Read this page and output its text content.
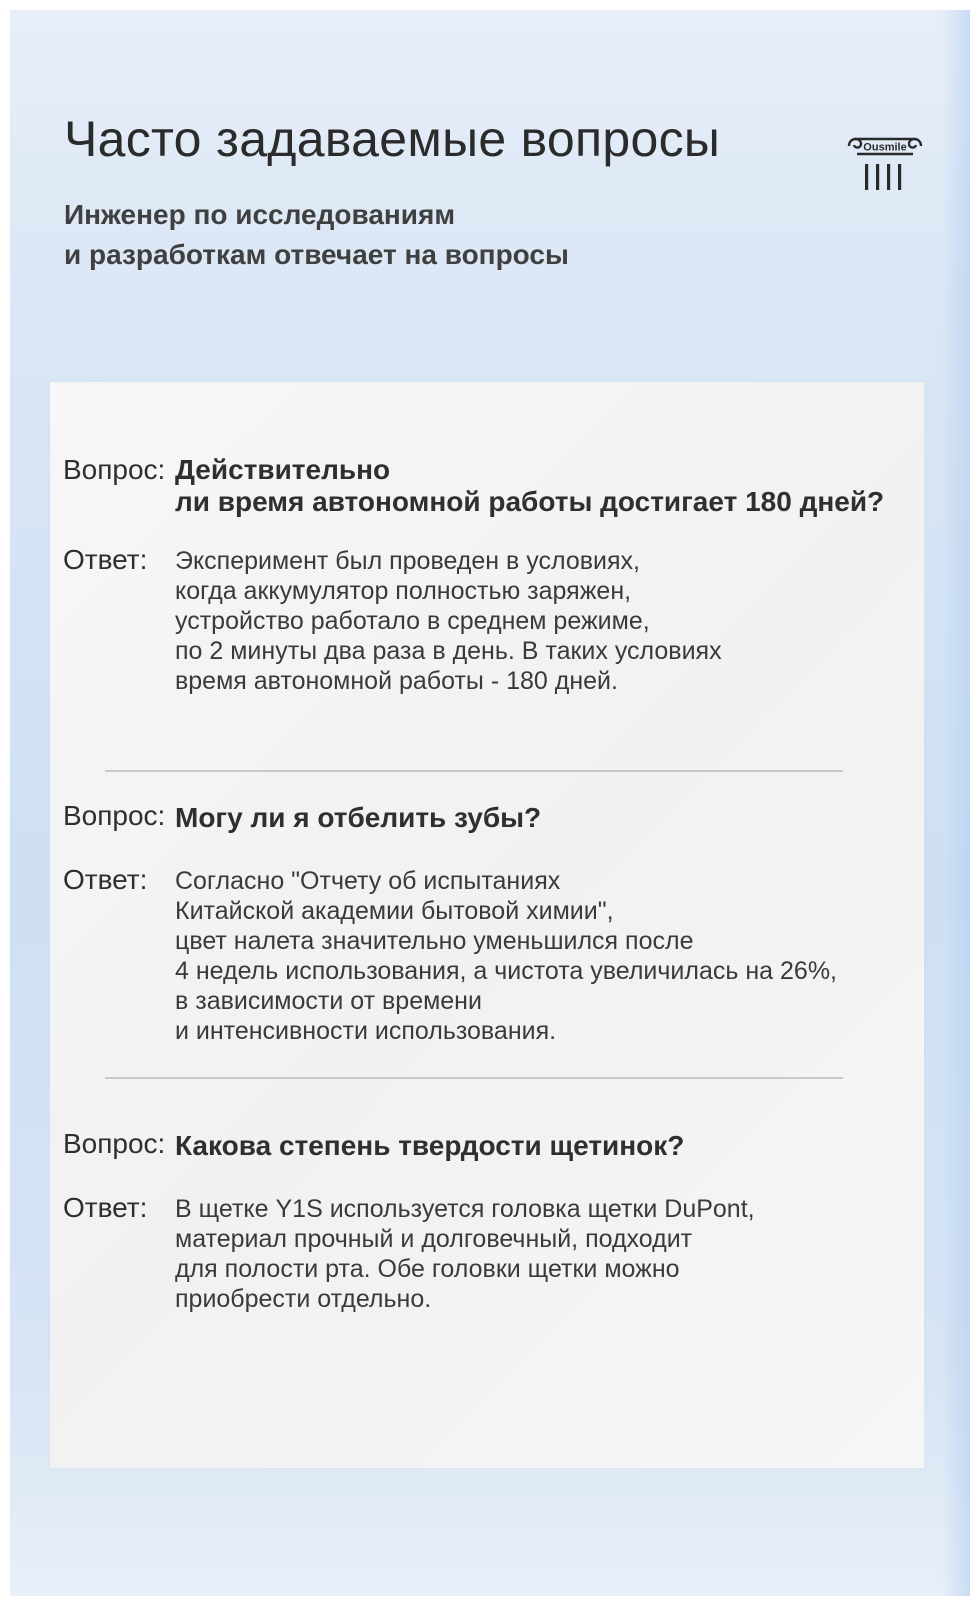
Часто задаваемые вопросы
Инженер по исследованиям
и разработкам отвечает на вопросы
Ousmile
Вопрос: Действительно
ли время автономной работы достигает 180 дней?
Ответ: Эксперимент был проведен в условиях,
когда аккумулятор полностью заряжен,
устройство работало в среднем режиме,
по 2 минуты два раза в день. В таких условиях
время автономной работы - 180 дней.
Вопрос: Могу ли я отбелить зубы?
Ответ: Согласно "Отчету об испытаниях
Китайской академии бытовой химии",
цвет налета значительно уменьшился после
4 недель использования, а чистота увеличилась на 26%,
в зависимости от времени
и интенсивности использования.
Вопрос: Какова степень твердости щетинок?
Ответ: В щетке Y1S используется головка щетки DuPont,
материал прочный и долговечный, подходит
для полости рта. Обе головки щетки можно
приобрести отдельно.
